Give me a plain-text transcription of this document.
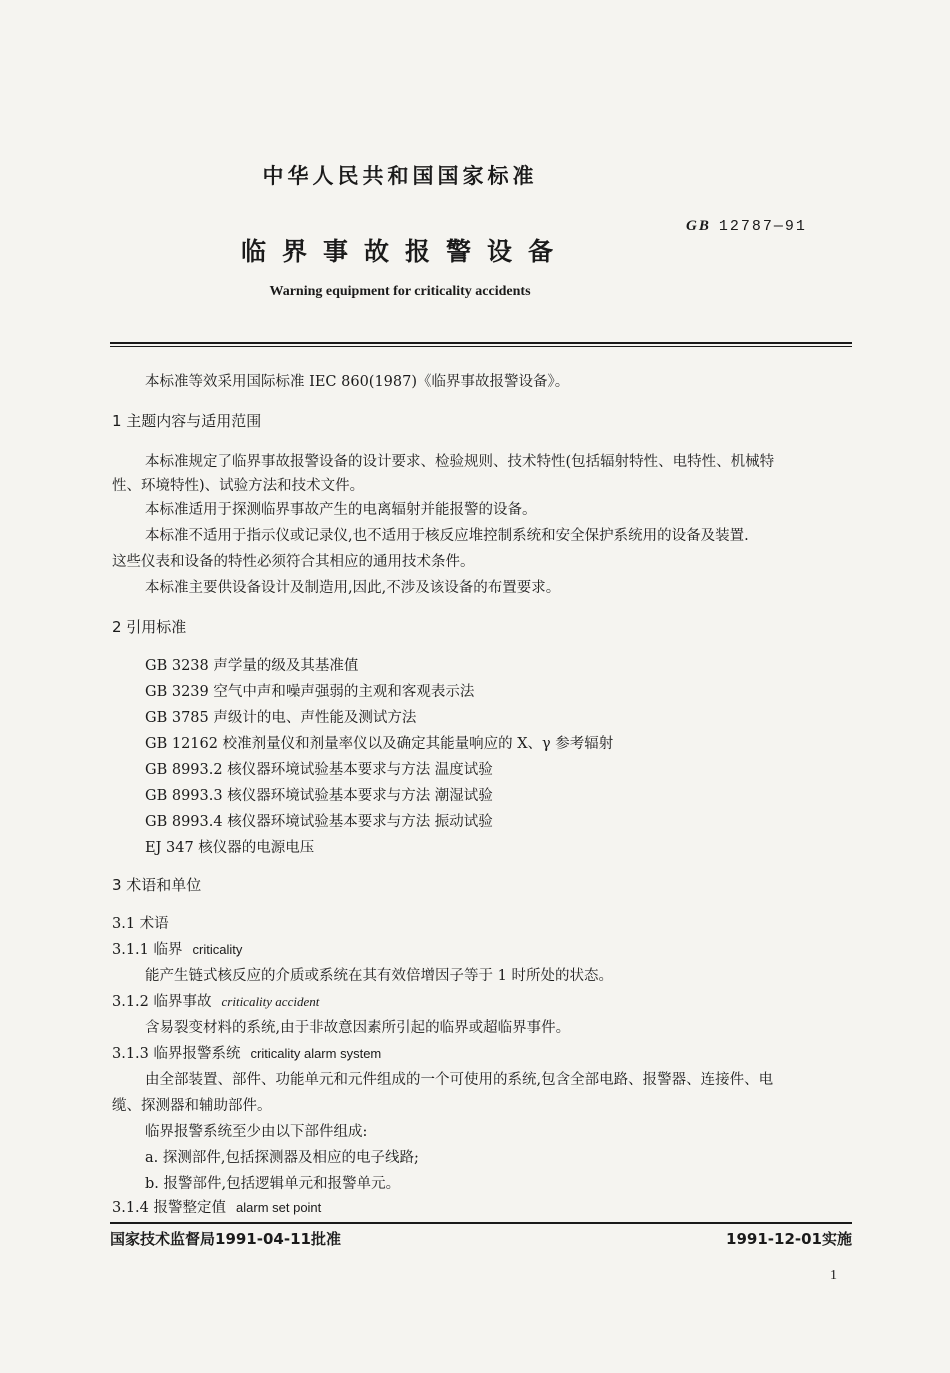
中华人民共和国国家标准
临界事故报警设备
GB 12787—91
Warning equipment for criticality accidents
本标准等效采用国际标准 IEC 860(1987)《临界事故报警设备》。
1 主题内容与适用范围
本标准规定了临界事故报警设备的设计要求、检验规则、技术特性(包括辐射特性、电特性、机械特
性、环境特性)、试验方法和技术文件。
本标准适用于探测临界事故产生的电离辐射并能报警的设备。
本标准不适用于指示仪或记录仪,也不适用于核反应堆控制系统和安全保护系统用的设备及装置.
这些仪表和设备的特性必须符合其相应的通用技术条件。
本标准主要供设备设计及制造用,因此,不涉及该设备的布置要求。
2 引用标准
GB 3238 声学量的级及其基准值
GB 3239 空气中声和噪声强弱的主观和客观表示法
GB 3785 声级计的电、声性能及测试方法
GB 12162 校准剂量仪和剂量率仪以及确定其能量响应的 X、γ 参考辐射
GB 8993.2 核仪器环境试验基本要求与方法 温度试验
GB 8993.3 核仪器环境试验基本要求与方法 潮湿试验
GB 8993.4 核仪器环境试验基本要求与方法 振动试验
EJ 347 核仪器的电源电压
3 术语和单位
3.1 术语
3.1.1 临界 criticality
能产生链式核反应的介质或系统在其有效倍增因子等于 1 时所处的状态。
3.1.2 临界事故 criticality accident
含易裂变材料的系统,由于非故意因素所引起的临界或超临界事件。
3.1.3 临界报警系统 criticality alarm system
由全部装置、部件、功能单元和元件组成的一个可使用的系统,包含全部电路、报警器、连接件、电
缆、探测器和辅助部件。
临界报警系统至少由以下部件组成:
a. 探测部件,包括探测器及相应的电子线路;
b. 报警部件,包括逻辑单元和报警单元。
3.1.4 报警整定值 alarm set point
国家技术监督局1991-04-11批准	1991-12-01实施
1
